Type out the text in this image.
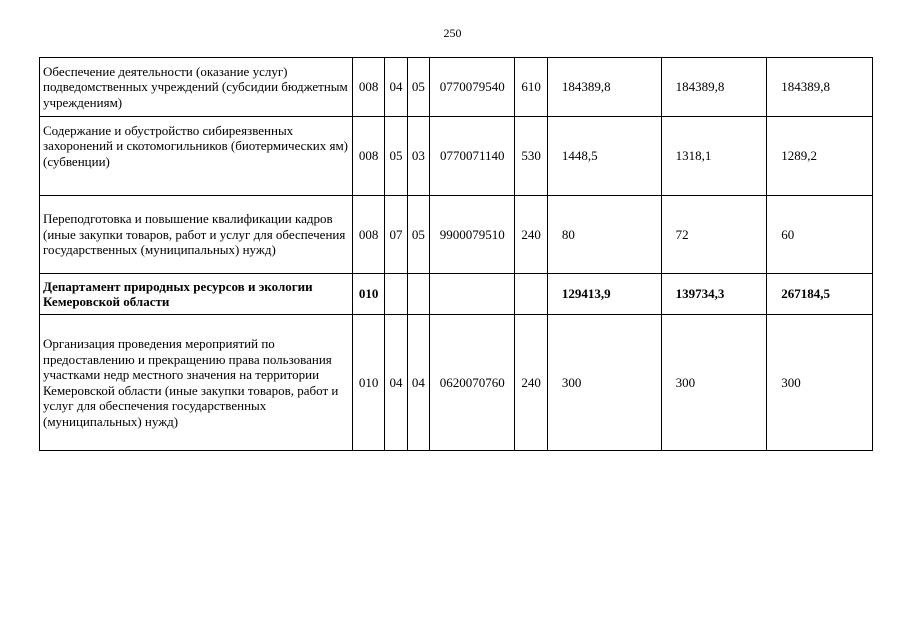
250
Обеспечение деятельности (оказание услуг) подведомственных учреждений (субсидии бюджетным учреждениям)	008	04	05	0770079540	610	184389,8	184389,8	184389,8

Содержание и обустройство сибиреязвенных захоронений и скотомогильников (биотермических ям) (субвенции)	008	05	03	0770071140	530	1448,5	1318,1	1289,2
Переподготовка и повышение квалификации кадров (иные закупки товаров, работ и услуг для обеспечения государственных (муниципальных) нужд)	008	07	05	9900079510	240	80	72	60
Департамент природных ресурсов и экологии Кемеровской области	010					129413,9	139734,3	267184,5
Организация проведения мероприятий по предоставлению и прекращению права пользования участками недр местного значения на территории Кемеровской области (иные закупки товаров, работ и услуг для обеспечения государственных (муниципальных) нужд)	010	04	04	0620070760	240	300	300	300
